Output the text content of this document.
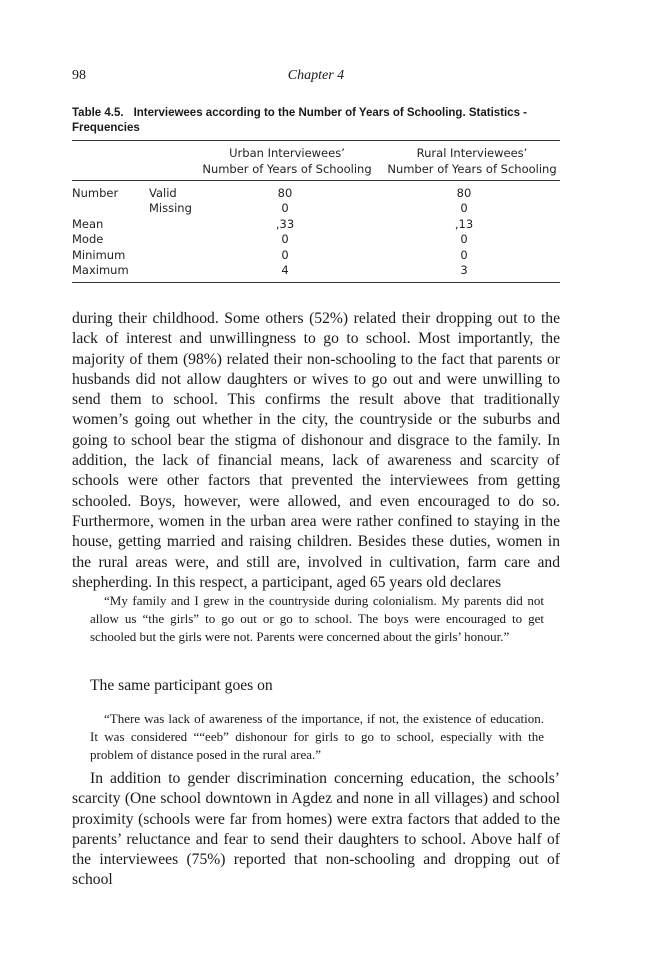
98	Chapter 4
Table 4.5. Interviewees according to the Number of Years of Schooling. Statistics - Frequencies
Urban Interviewees’
Number of Years of Schooling
Rural Interviewees’
Number of Years of Schooling
Number	Valid	80	80
Missing	0	0
Mean	,33	,13
Mode	0	0
Minimum	0	0
Maximum	4	3

during their childhood. Some others (52%) related their dropping out to the lack of interest and unwillingness to go to school. Most importantly, the majority of them (98%) related their non-schooling to the fact that parents or husbands did not allow daughters or wives to go out and were unwilling to send them to school. This confirms the result above that traditionally women’s going out whether in the city, the countryside or the suburbs and going to school bear the stigma of dishonour and disgrace to the family. In addition, the lack of financial means, lack of awareness and scarcity of schools were other factors that prevented the interviewees from getting schooled. Boys, however, were allowed, and even encouraged to do so. Furthermore, women in the urban area were rather confined to staying in the house, getting married and raising children. Besides these duties, women in the rural areas were, and still are, involved in cultivation, farm care and shepherding. In this respect, a participant, aged 65 years old declares

“My family and I grew in the countryside during colonialism. My parents did not allow us “the girls” to go out or go to school. The boys were encouraged to get schooled but the girls were not. Parents were concerned about the girls’ honour.”

The same participant goes on

“There was lack of awareness of the importance, if not, the existence of education. It was considered ““eeb” dishonour for girls to go to school, especially with the problem of distance posed in the rural area.”

In addition to gender discrimination concerning education, the schools’ scarcity (One school downtown in Agdez and none in all villages) and school proximity (schools were far from homes) were extra factors that added to the parents’ reluctance and fear to send their daughters to school. Above half of the interviewees (75%) reported that non-schooling and dropping out of school
